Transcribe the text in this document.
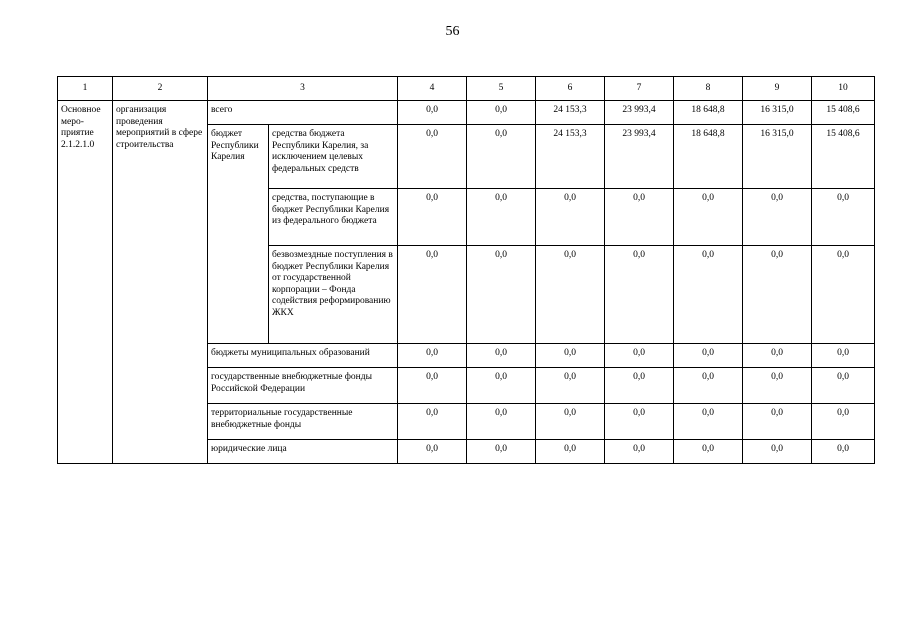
56
1	2	3		4	5	6	7	8	9	10
Основное меро-приятие 2.1.2.1.0	организация проведения мероприятий в сфере строительства	всего		0,0	0,0	24 153,3	23 993,4	18 648,8	16 315,0	15 408,6
		бюджет Республики Карелия	средства бюджета Республики Карелия, за исключением целевых федеральных средств	0,0	0,0	24 153,3	23 993,4	18 648,8	16 315,0	15 408,6
			средства, поступающие в бюджет Республики Карелия из федерального бюджета	0,0	0,0	0,0	0,0	0,0	0,0	0,0
			безвозмездные поступления в бюджет Республики Карелия от государственной корпорации – Фонда содействия реформированию ЖКХ	0,0	0,0	0,0	0,0	0,0	0,0	0,0
		бюджеты муниципальных образований		0,0	0,0	0,0	0,0	0,0	0,0	0,0
		государственные внебюджетные фонды Российской Федерации		0,0	0,0	0,0	0,0	0,0	0,0	0,0
		территориальные государственные внебюджетные фонды		0,0	0,0	0,0	0,0	0,0	0,0	0,0
		юридические лица		0,0	0,0	0,0	0,0	0,0	0,0	0,0
